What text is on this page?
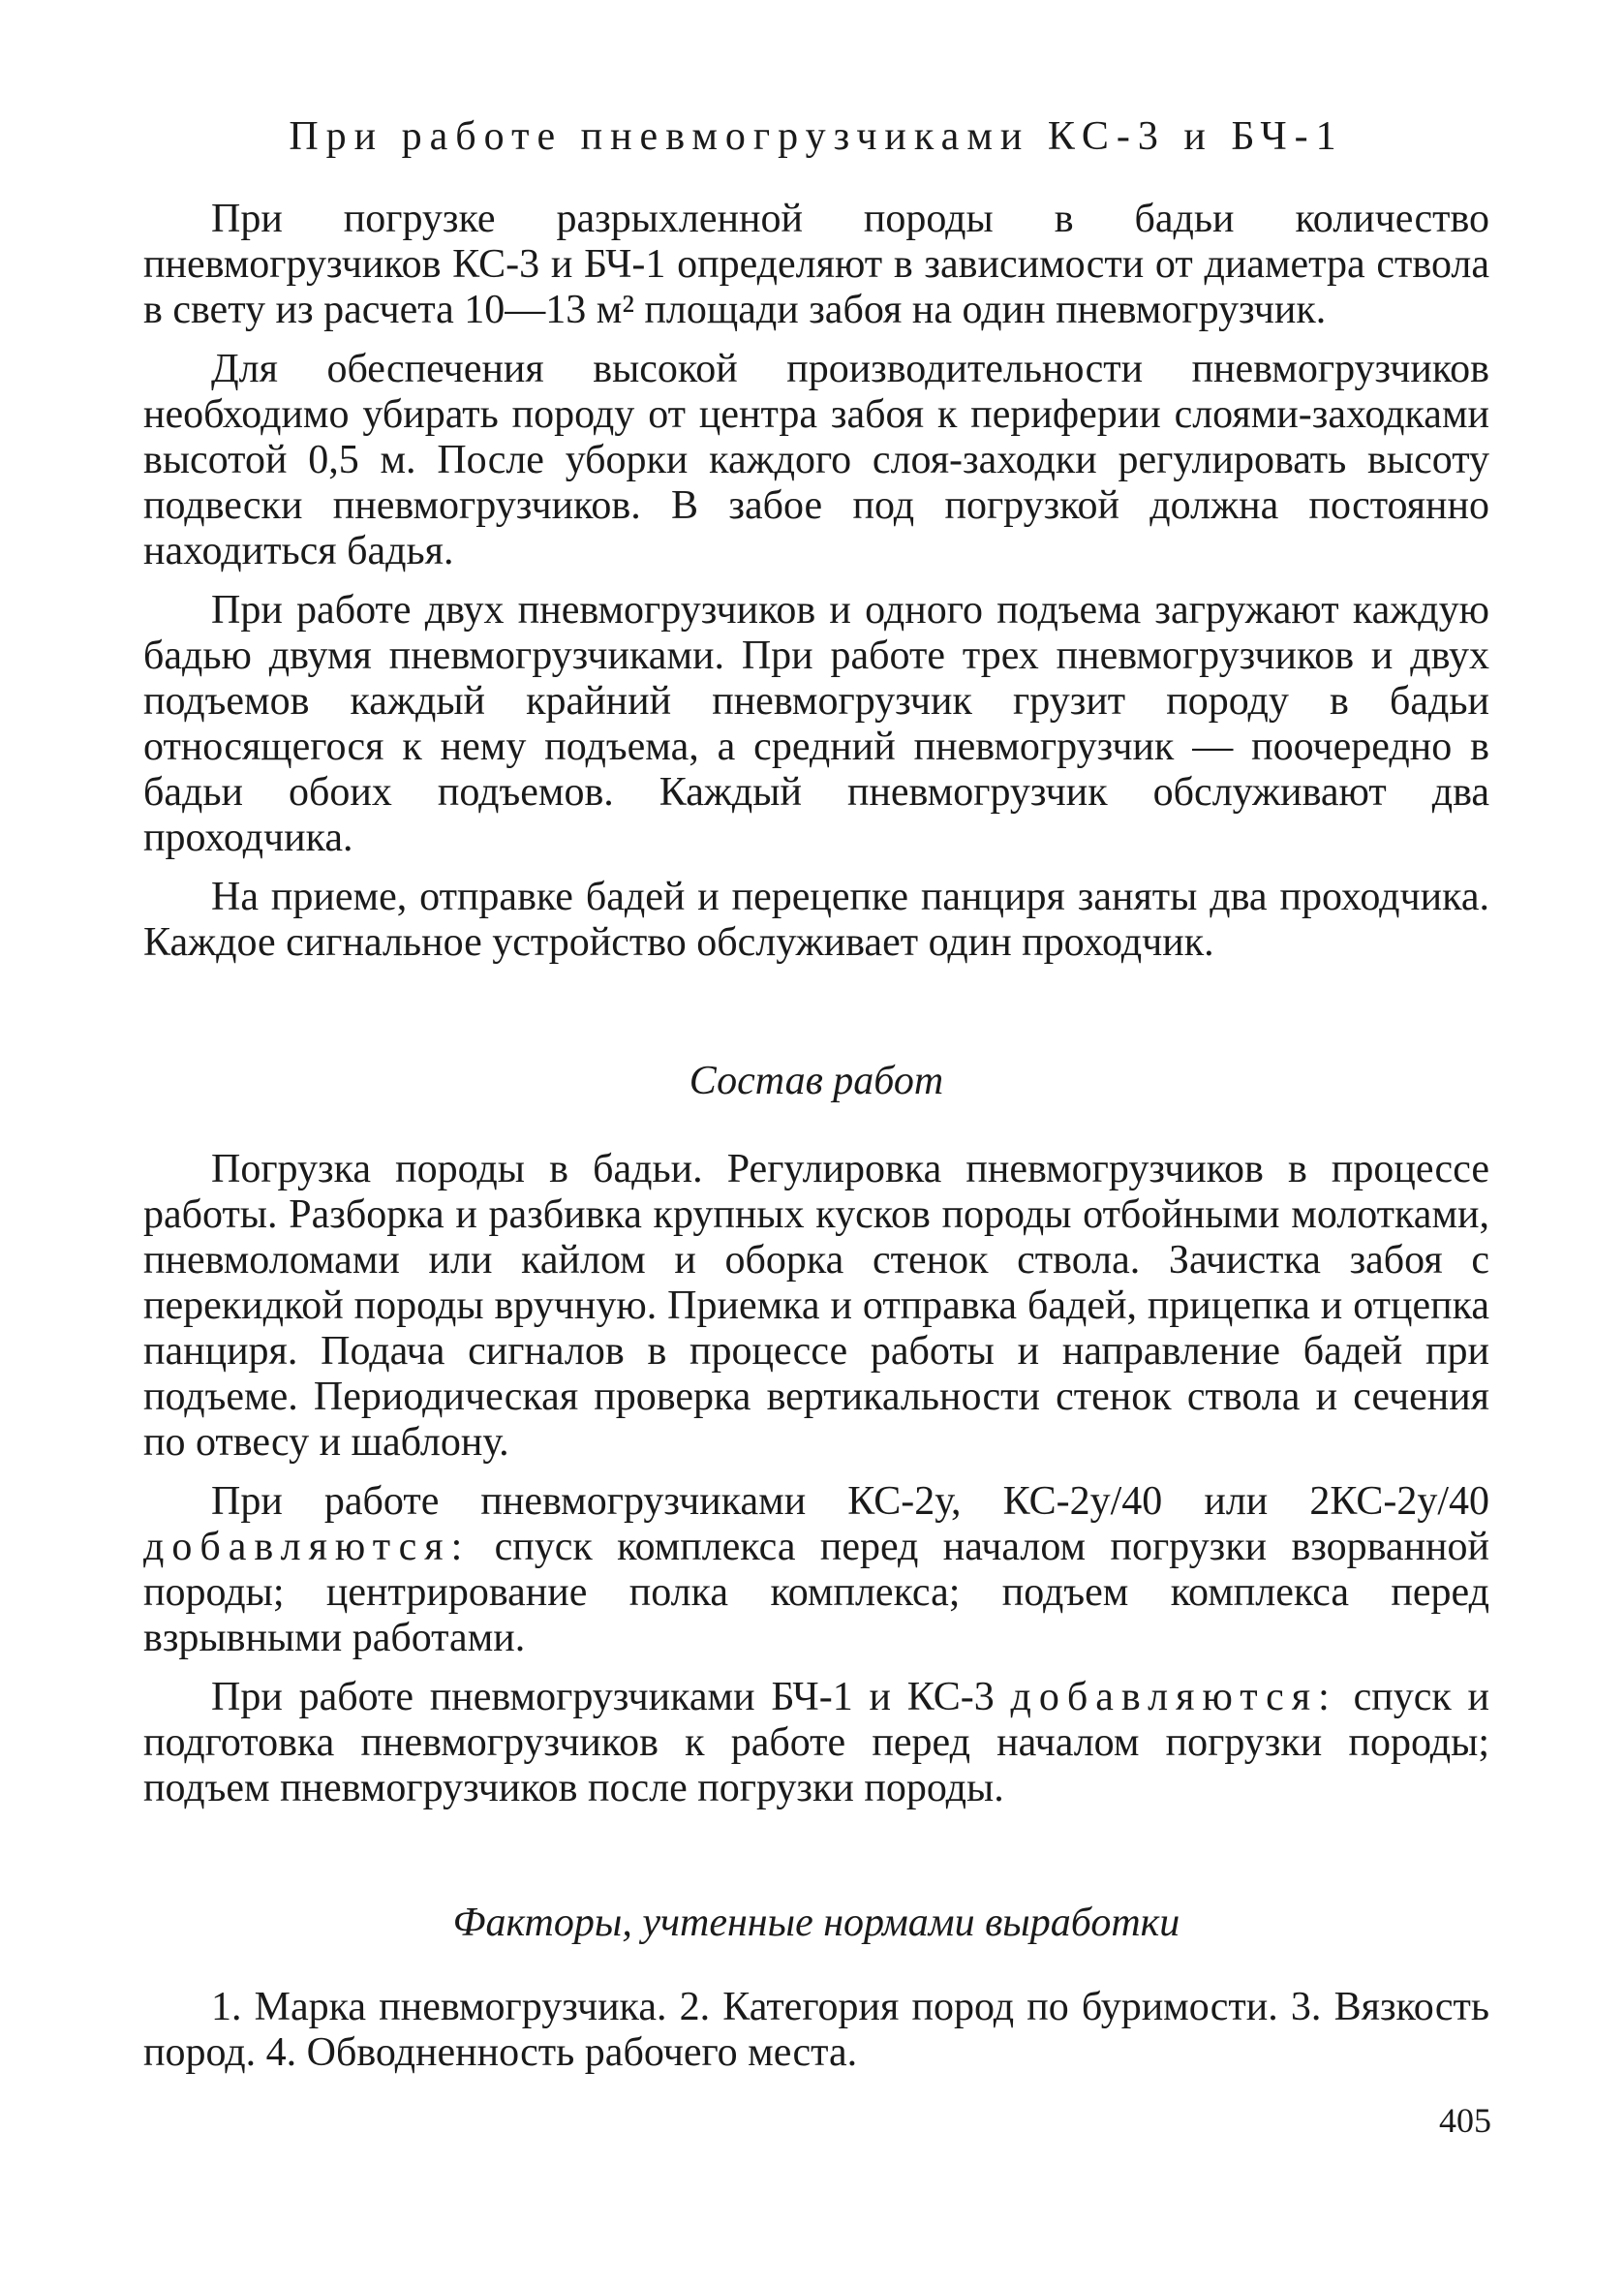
При работе пневмогрузчиками КС-3 и БЧ-1

При погрузке разрыхленной породы в бадьи количество пневмогрузчиков КС-3 и БЧ-1 определяют в зависимости от диаметра ствола в свету из расчета 10—13 м² площади забоя на один пневмогрузчик.

Для обеспечения высокой производительности пневмогрузчиков необходимо убирать породу от центра забоя к периферии слоями-заходками высотой 0,5 м. После уборки каждого слоя-заходки регулировать высоту подвески пневмогрузчиков. В забое под погрузкой должна постоянно находиться бадья.

При работе двух пневмогрузчиков и одного подъема загружают каждую бадью двумя пневмогрузчиками. При работе трех пневмогрузчиков и двух подъемов каждый крайний пневмогрузчик грузит породу в бадьи относящегося к нему подъема, а средний пневмогрузчик — поочередно в бадьи обоих подъемов. Каждый пневмогрузчик обслуживают два проходчика.

На приеме, отправке бадей и перецепке панциря заняты два проходчика. Каждое сигнальное устройство обслуживает один проходчик.

Состав работ

Погрузка породы в бадьи. Регулировка пневмогрузчиков в процессе работы. Разборка и разбивка крупных кусков породы отбойными молотками, пневмоломами или кайлом и оборка стенок ствола. Зачистка забоя с перекидкой породы вручную. Приемка и отправка бадей, прицепка и отцепка панциря. Подача сигналов в процессе работы и направление бадей при подъеме. Периодическая проверка вертикальности стенок ствола и сечения по отвесу и шаблону.

При работе пневмогрузчиками КС-2у, КС-2у/40 или 2КС-2у/40 добавляются: спуск комплекса перед началом погрузки взорванной породы; центрирование полка комплекса; подъем комплекса перед взрывными работами.

При работе пневмогрузчиками БЧ-1 и КС-3 добавляются: спуск и подготовка пневмогрузчиков к работе перед началом погрузки породы; подъем пневмогрузчиков после погрузки породы.

Факторы, учтенные нормами выработки

1. Марка пневмогрузчика. 2. Категория пород по буримости. 3. Вязкость пород. 4. Обводненность рабочего места.

405
